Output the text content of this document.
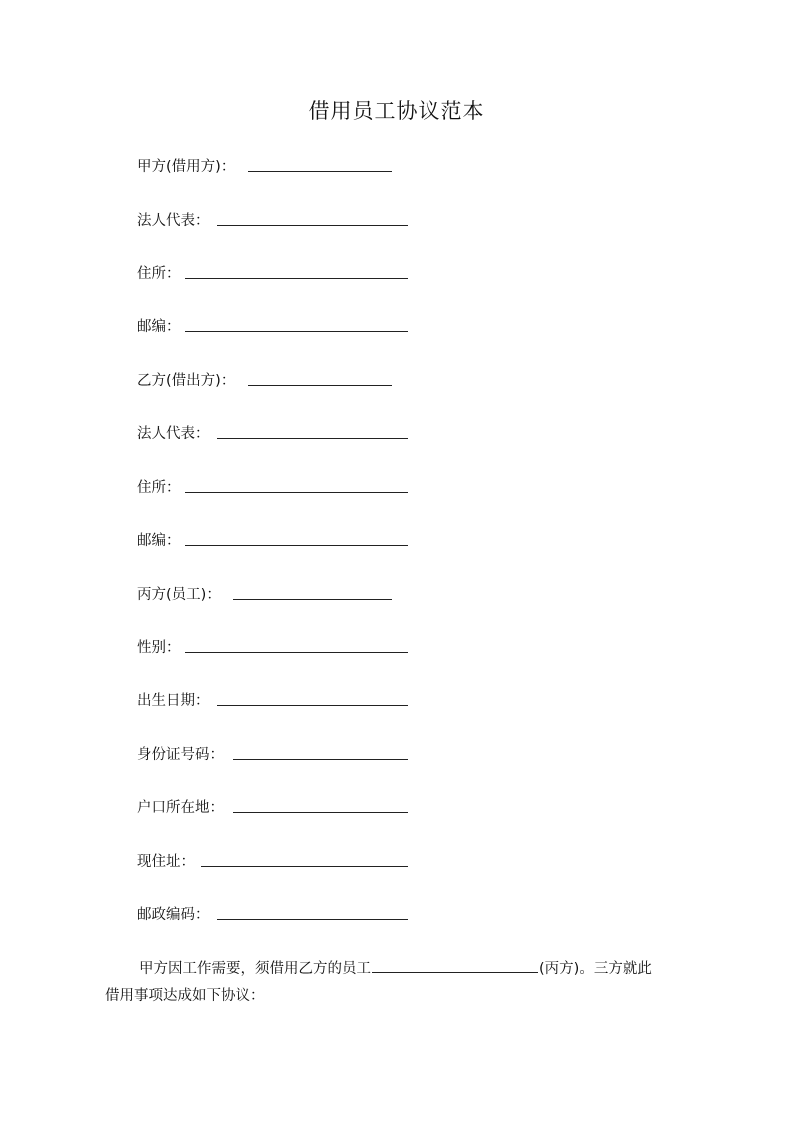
借用员工协议范本
甲方(借用方)：
法人代表：
住所：
邮编：
乙方(借出方)：
法人代表：
住所：
邮编：
丙方(员工)：
性别：
出生日期：
身份证号码：
户口所在地：
现住址：
邮政编码：
甲方因工作需要，须借用乙方的员工	(丙方)。三方就此
借用事项达成如下协议：
